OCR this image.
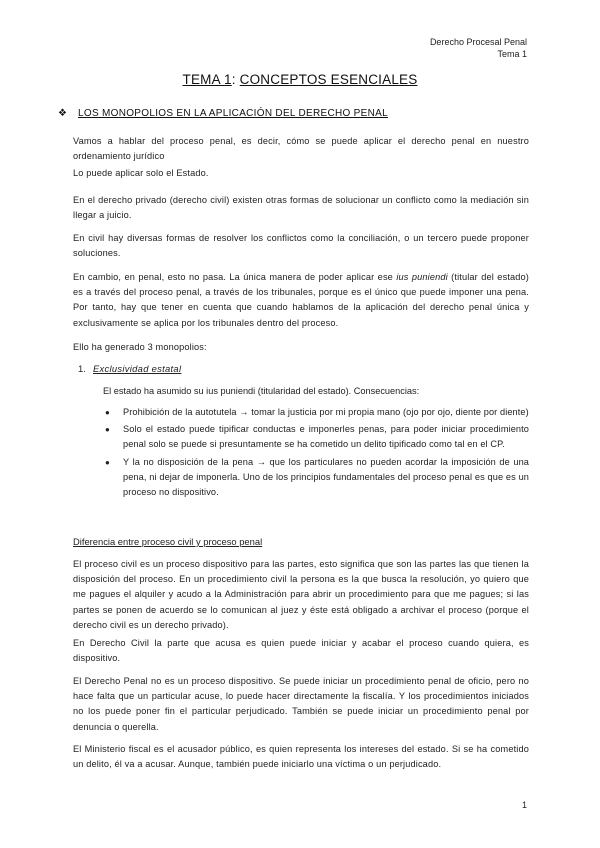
Derecho Procesal Penal
Tema 1
TEMA 1: CONCEPTOS ESENCIALES
❖ LOS MONOPOLIOS EN LA APLICACIÓN DEL DERECHO PENAL

Vamos a hablar del proceso penal, es decir, cómo se puede aplicar el derecho penal en nuestro ordenamiento jurídico

Lo puede aplicar solo el Estado.

En el derecho privado (derecho civil) existen otras formas de solucionar un conflicto como la mediación sin llegar a juicio.

En civil hay diversas formas de resolver los conflictos como la conciliación, o un tercero puede proponer soluciones.

En cambio, en penal, esto no pasa. La única manera de poder aplicar ese ius puniendi (titular del estado) es a través del proceso penal, a través de los tribunales, porque es el único que puede imponer una pena. Por tanto, hay que tener en cuenta que cuando hablamos de la aplicación del derecho penal única y exclusivamente se aplica por los tribunales dentro del proceso.

Ello ha generado 3 monopolios:

1. Exclusividad estatal
El estado ha asumido su ius puniendi (titularidad del estado). Consecuencias:
● Prohibición de la autotutela → tomar la justicia por mi propia mano (ojo por ojo, diente por diente)
● Solo el estado puede tipificar conductas e imponerles penas, para poder iniciar procedimiento penal solo se puede si presuntamente se ha cometido un delito tipificado como tal en el CP.
● Y la no disposición de la pena → que los particulares no pueden acordar la imposición de una pena, ni dejar de imponerla. Uno de los principios fundamentales del proceso penal es que es un proceso no dispositivo.
Diferencia entre proceso civil y proceso penal

El proceso civil es un proceso dispositivo para las partes, esto significa que son las partes las que tienen la disposición del proceso. En un procedimiento civil la persona es la que busca la resolución, yo quiero que me pagues el alquiler y acudo a la Administración para abrir un procedimiento para que me pagues; si las partes se ponen de acuerdo se lo comunican al juez y éste está obligado a archivar el proceso (porque el derecho civil es un derecho privado).

En Derecho Civil la parte que acusa es quien puede iniciar y acabar el proceso cuando quiera, es dispositivo.

El Derecho Penal no es un proceso dispositivo. Se puede iniciar un procedimiento penal de oficio, pero no hace falta que un particular acuse, lo puede hacer directamente la fiscalía. Y los procedimientos iniciados no los puede poner fin el particular perjudicado. También se puede iniciar un procedimiento penal por denuncia o querella.

El Ministerio fiscal es el acusador público, es quien representa los intereses del estado. Si se ha cometido un delito, él va a acusar. Aunque, también puede iniciarlo una víctima o un perjudicado.

1
